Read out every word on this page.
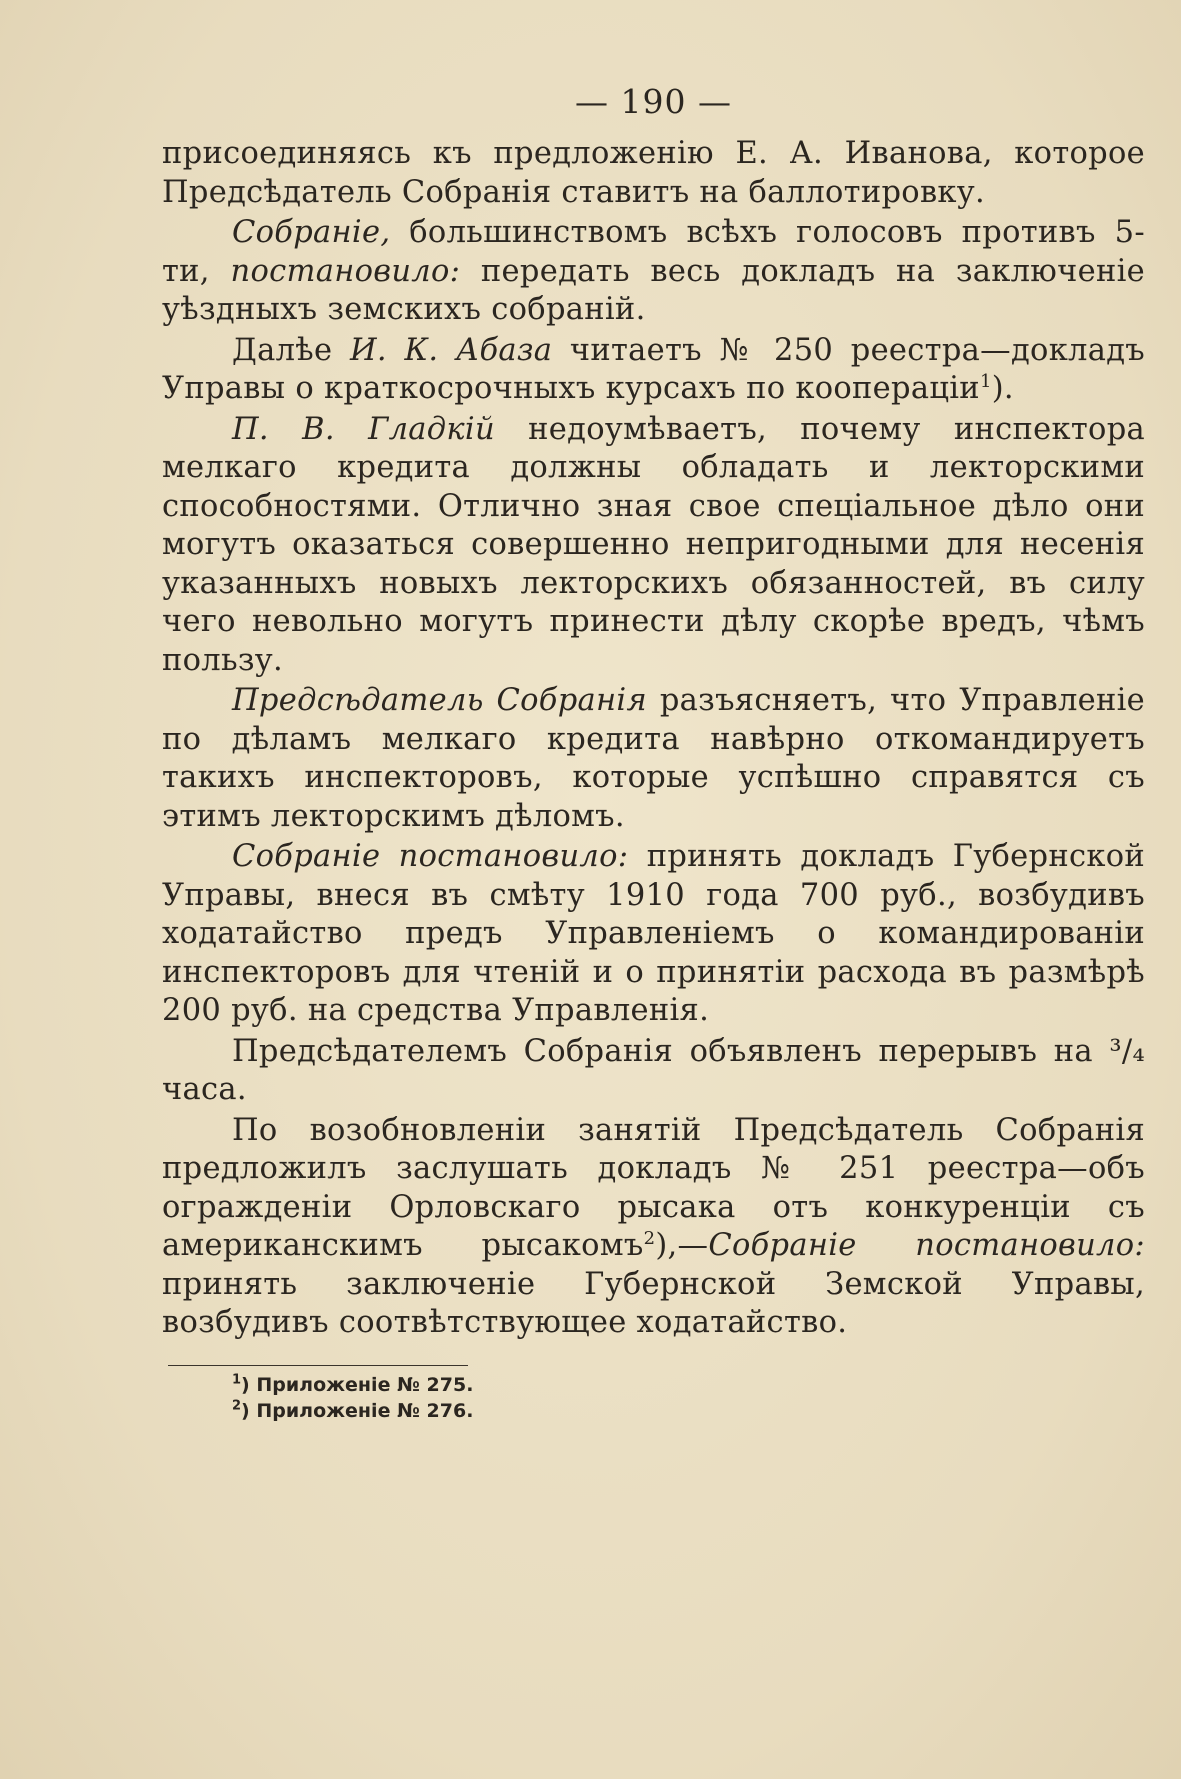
— 190 —

присоединяясь къ предложенію Е. А. Иванова, которое Предсѣдатель Собранія ставитъ на баллотировку.

Собраніе, большинствомъ всѣхъ голосовъ противъ 5-ти, постановило: передать весь докладъ на заключеніе уѣздныхъ земскихъ собраній.

Далѣе И. К. Абаза читаетъ № 250 реестра—докладъ Управы о краткосрочныхъ курсахъ по коопераціи$^1$).

П. В. Гладкій недоумѣваетъ, почему инспектора мелкаго кредита должны обладать и лекторскими способностями. Отлично зная свое спеціальное дѣло они могутъ оказаться совершенно непригодными для несенія указанныхъ новыхъ лекторскихъ обязанностей, въ силу чего невольно могутъ принести дѣлу скорѣе вредъ, чѣмъ пользу.

Предсѣдатель Собранія разъясняетъ, что Управленіе по дѣламъ мелкаго кредита навѣрно откомандируетъ такихъ инспекторовъ, которые успѣшно справятся съ этимъ лекторскимъ дѣломъ.

Собраніе постановило: принять докладъ Губернской Управы, внеся въ смѣту 1910 года 700 руб., возбудивъ ходатайство предъ Управленіемъ о командированіи инспекторовъ для чтеній и о принятіи расхода въ размѣрѣ 200 руб. на средства Управленія.

Предсѣдателемъ Собранія объявленъ перерывъ на ³/₄ часа.

По возобновленіи занятій Предсѣдатель Собранія предложилъ заслушать докладъ № 251 реестра—объ огражденіи Орловскаго рысака отъ конкуренціи съ американскимъ рысакомъ$^2$),—Собраніе постановило: принять заключеніе Губернской Земской Управы, возбудивъ соотвѣтствующее ходатайство.

$^1$) Приложеніе № 275.

$^2$) Приложеніе № 276.
